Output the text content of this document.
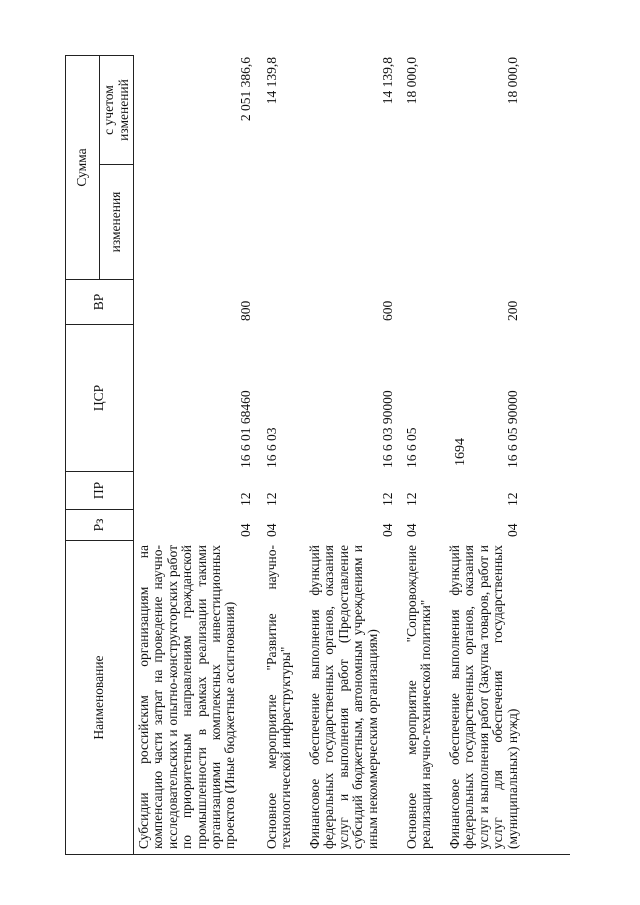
1694
Наименование
Рз
ПР
ЦСР
ВР
Сумма
изменения
с учетом изменений
Субсидии российским организациям на компенсацию части затрат на проведение научно-исследовательских и опытно-конструкторских работ по приоритетным направлениям гражданской промышленности в рамках реализации такими организациями комплексных инвестиционных проектов (Иные бюджетные ассигнования)
04
12
16 6 01 68460
800
2 051 386,6
Основное мероприятие "Развитие научно-технологической инфраструктуры"
04
12
16 6 03
14 139,8
Финансовое обеспечение выполнения функций федеральных государственных органов, оказания услуг и выполнения работ (Предоставление субсидий бюджетным, автономным учреждениям и иным некоммерческим организациям)
04
12
16 6 03 90000
600
14 139,8
Основное мероприятие "Сопровождение реализации научно-технической политики"
04
12
16 6 05
18 000,0
Финансовое обеспечение выполнения функций федеральных государственных органов, оказания услуг и выполнения работ (Закупка товаров, работ и услуг для обеспечения государственных (муниципальных) нужд)
04
12
16 6 05 90000
200
18 000,0
